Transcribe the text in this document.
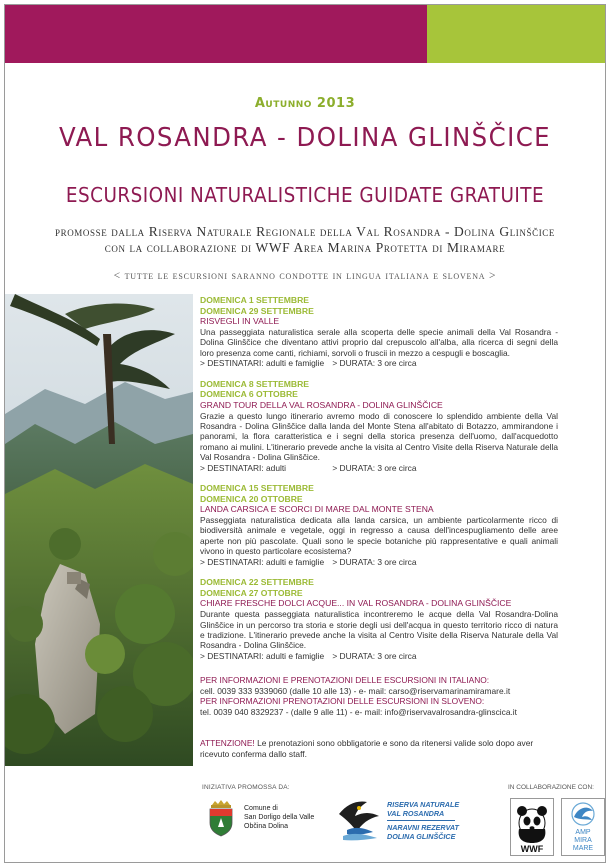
Autunno 2013
VAL ROSANDRA - DOLINA GLINŠČICE
ESCURSIONI NATURALISTICHE GUIDATE GRATUITE
promosse dalla Riserva Naturale Regionale della Val Rosandra - Dolina Glinščice
con la collaborazione di WWF Area Marina Protetta di Miramare
< tutte le escursioni saranno condotte in lingua italiana e slovena >
DOMENICA 1 SETTEMBRE
DOMENICA 29 SETTEMBRE
RISVEGLI IN VALLE
Una passeggiata naturalistica serale alla scoperta delle specie animali della Val Rosandra - Dolina Glinščice che diventano attivi proprio dal crepuscolo all'alba, alla ricerca di segni della loro presenza come canti, richiami, sorvoli o fruscii in mezzo a cespugli e boscaglia.
> DESTINATARI: adulti e famiglie > DURATA: 3 ore circa
DOMENICA 8 SETTEMBRE
DOMENICA 6 OTTOBRE
GRAND TOUR DELLA VAL ROSANDRA - DOLINA GLINŠČICE
Grazie a questo lungo itinerario avremo modo di conoscere lo splendido ambiente della Val Rosandra - Dolina Glinščice dalla landa del Monte Stena all'abitato di Botazzo, ammirandone i panorami, la flora caratteristica e i segni della storica presenza dell'uomo, dall'acquedotto romano ai mulini. L'itinerario prevede anche la visita al Centro Visite della Riserva Naturale della Val Rosandra - Dolina Glinščice.
> DESTINATARI: adulti	> DURATA: 3 ore circa
DOMENICA 15 SETTEMBRE
DOMENICA 20 OTTOBRE
LANDA CARSICA E SCORCI DI MARE DAL MONTE STENA
Passeggiata naturalistica dedicata alla landa carsica, un ambiente particolarmente ricco di biodiversità animale e vegetale, oggi in regresso a causa dell'incespugliamento delle aree aperte non più pascolate. Quali sono le specie botaniche più rappresentative e quali animali vivono in questo particolare ecosistema?
> DESTINATARI: adulti e famiglie > DURATA: 3 ore circa
DOMENICA 22 SETTEMBRE
DOMENICA 27 OTTOBRE
CHIARE FRESCHE DOLCI ACQUE... IN VAL ROSANDRA - DOLINA GLINŠČICE
Durante questa passeggiata naturalistica incontreremo le acque della Val Rosandra-Dolina Glinščice in un percorso tra storia e storie degli usi dell'acqua in questo territorio ricco di natura e tradizione. L'itinerario prevede anche la visita al Centro Visite della Riserva Naturale della Val Rosandra - Dolina Glinščice.
> DESTINATARI: adulti e famiglie > DURATA: 3 ore circa
PER INFORMAZIONI E PRENOTAZIONI DELLE ESCURSIONI IN ITALIANO:
cell. 0039 333 9339060 (dalle 10 alle 13) - e- mail: carso@riservamarinamiramare.it
PER INFORMAZIONI PRENOTAZIONI DELLE ESCURSIONI IN SLOVENO:
tel. 0039 040 8329237 - (dalle 9 alle 11) - e- mail: info@riservavalrosandra-glinscica.it
ATTENZIONE! Le prenotazioni sono obbligatorie e sono da ritenersi valide solo dopo aver ricevuto conferma dallo staff.
INIZIATIVA PROMOSSA DA:	IN COLLABORAZIONE CON:
Comune di
San Dorligo della Valle
Občina Dolina
RISERVA NATURALE
VAL ROSANDRA
NARAVNI REZERVAT
DOLINA GLINŠČICE
WWF
AMP
MIRA
MARE
